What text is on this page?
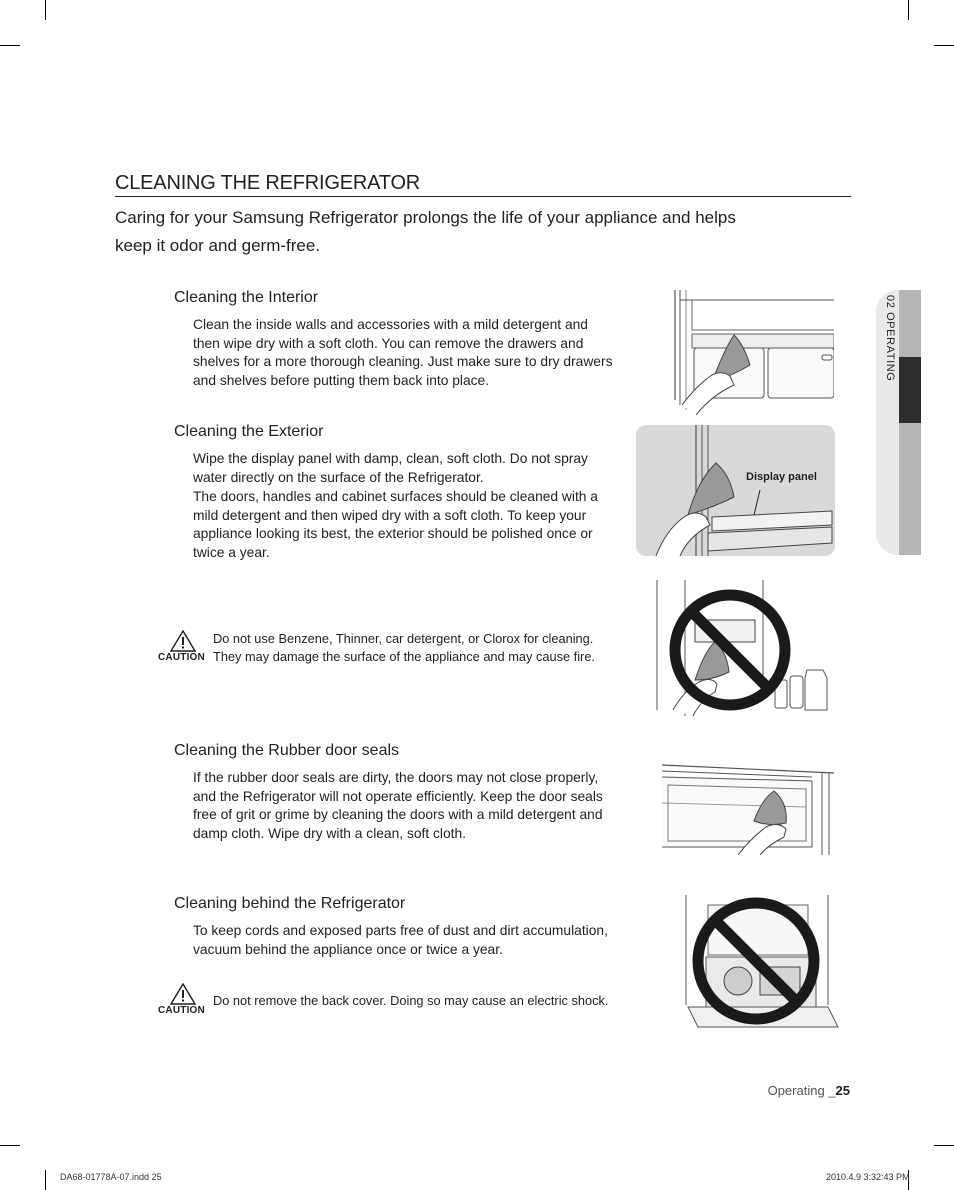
CLEANING THE REFRIGERATOR
Caring for your Samsung Refrigerator prolongs the life of your appliance and helps keep it odor and germ-free.
Cleaning the Interior
Clean the inside walls and accessories with a mild detergent and then wipe dry with a soft cloth. You can remove the drawers and shelves for a more thorough cleaning. Just make sure to dry drawers and shelves before putting them back into place.
Cleaning the Exterior
Wipe the display panel with damp, clean, soft cloth. Do not spray water directly on the surface of the Refrigerator.
The doors, handles and cabinet surfaces should be cleaned with a mild detergent and then wiped dry with a soft cloth. To keep your appliance looking its best, the exterior should be polished once or twice a year.
CAUTION
Do not use Benzene, Thinner, car detergent, or Clorox for cleaning. They may damage the surface of the appliance and may cause fire.
Cleaning the Rubber door seals
If the rubber door seals are dirty, the doors may not close properly, and the Refrigerator will not operate efficiently. Keep the door seals free of grit or grime by cleaning the doors with a mild detergent and damp cloth. Wipe dry with a clean, soft cloth.
Cleaning behind the Refrigerator
To keep cords and exposed parts free of dust and dirt accumulation, vacuum behind the appliance once or twice a year.
CAUTION
Do not remove the back cover. Doing so may cause an electric shock.
Display panel
02 OPERATING
Operating _25
DA68-01778A-07.indd 25	2010.4.9 3:32:43 PM
